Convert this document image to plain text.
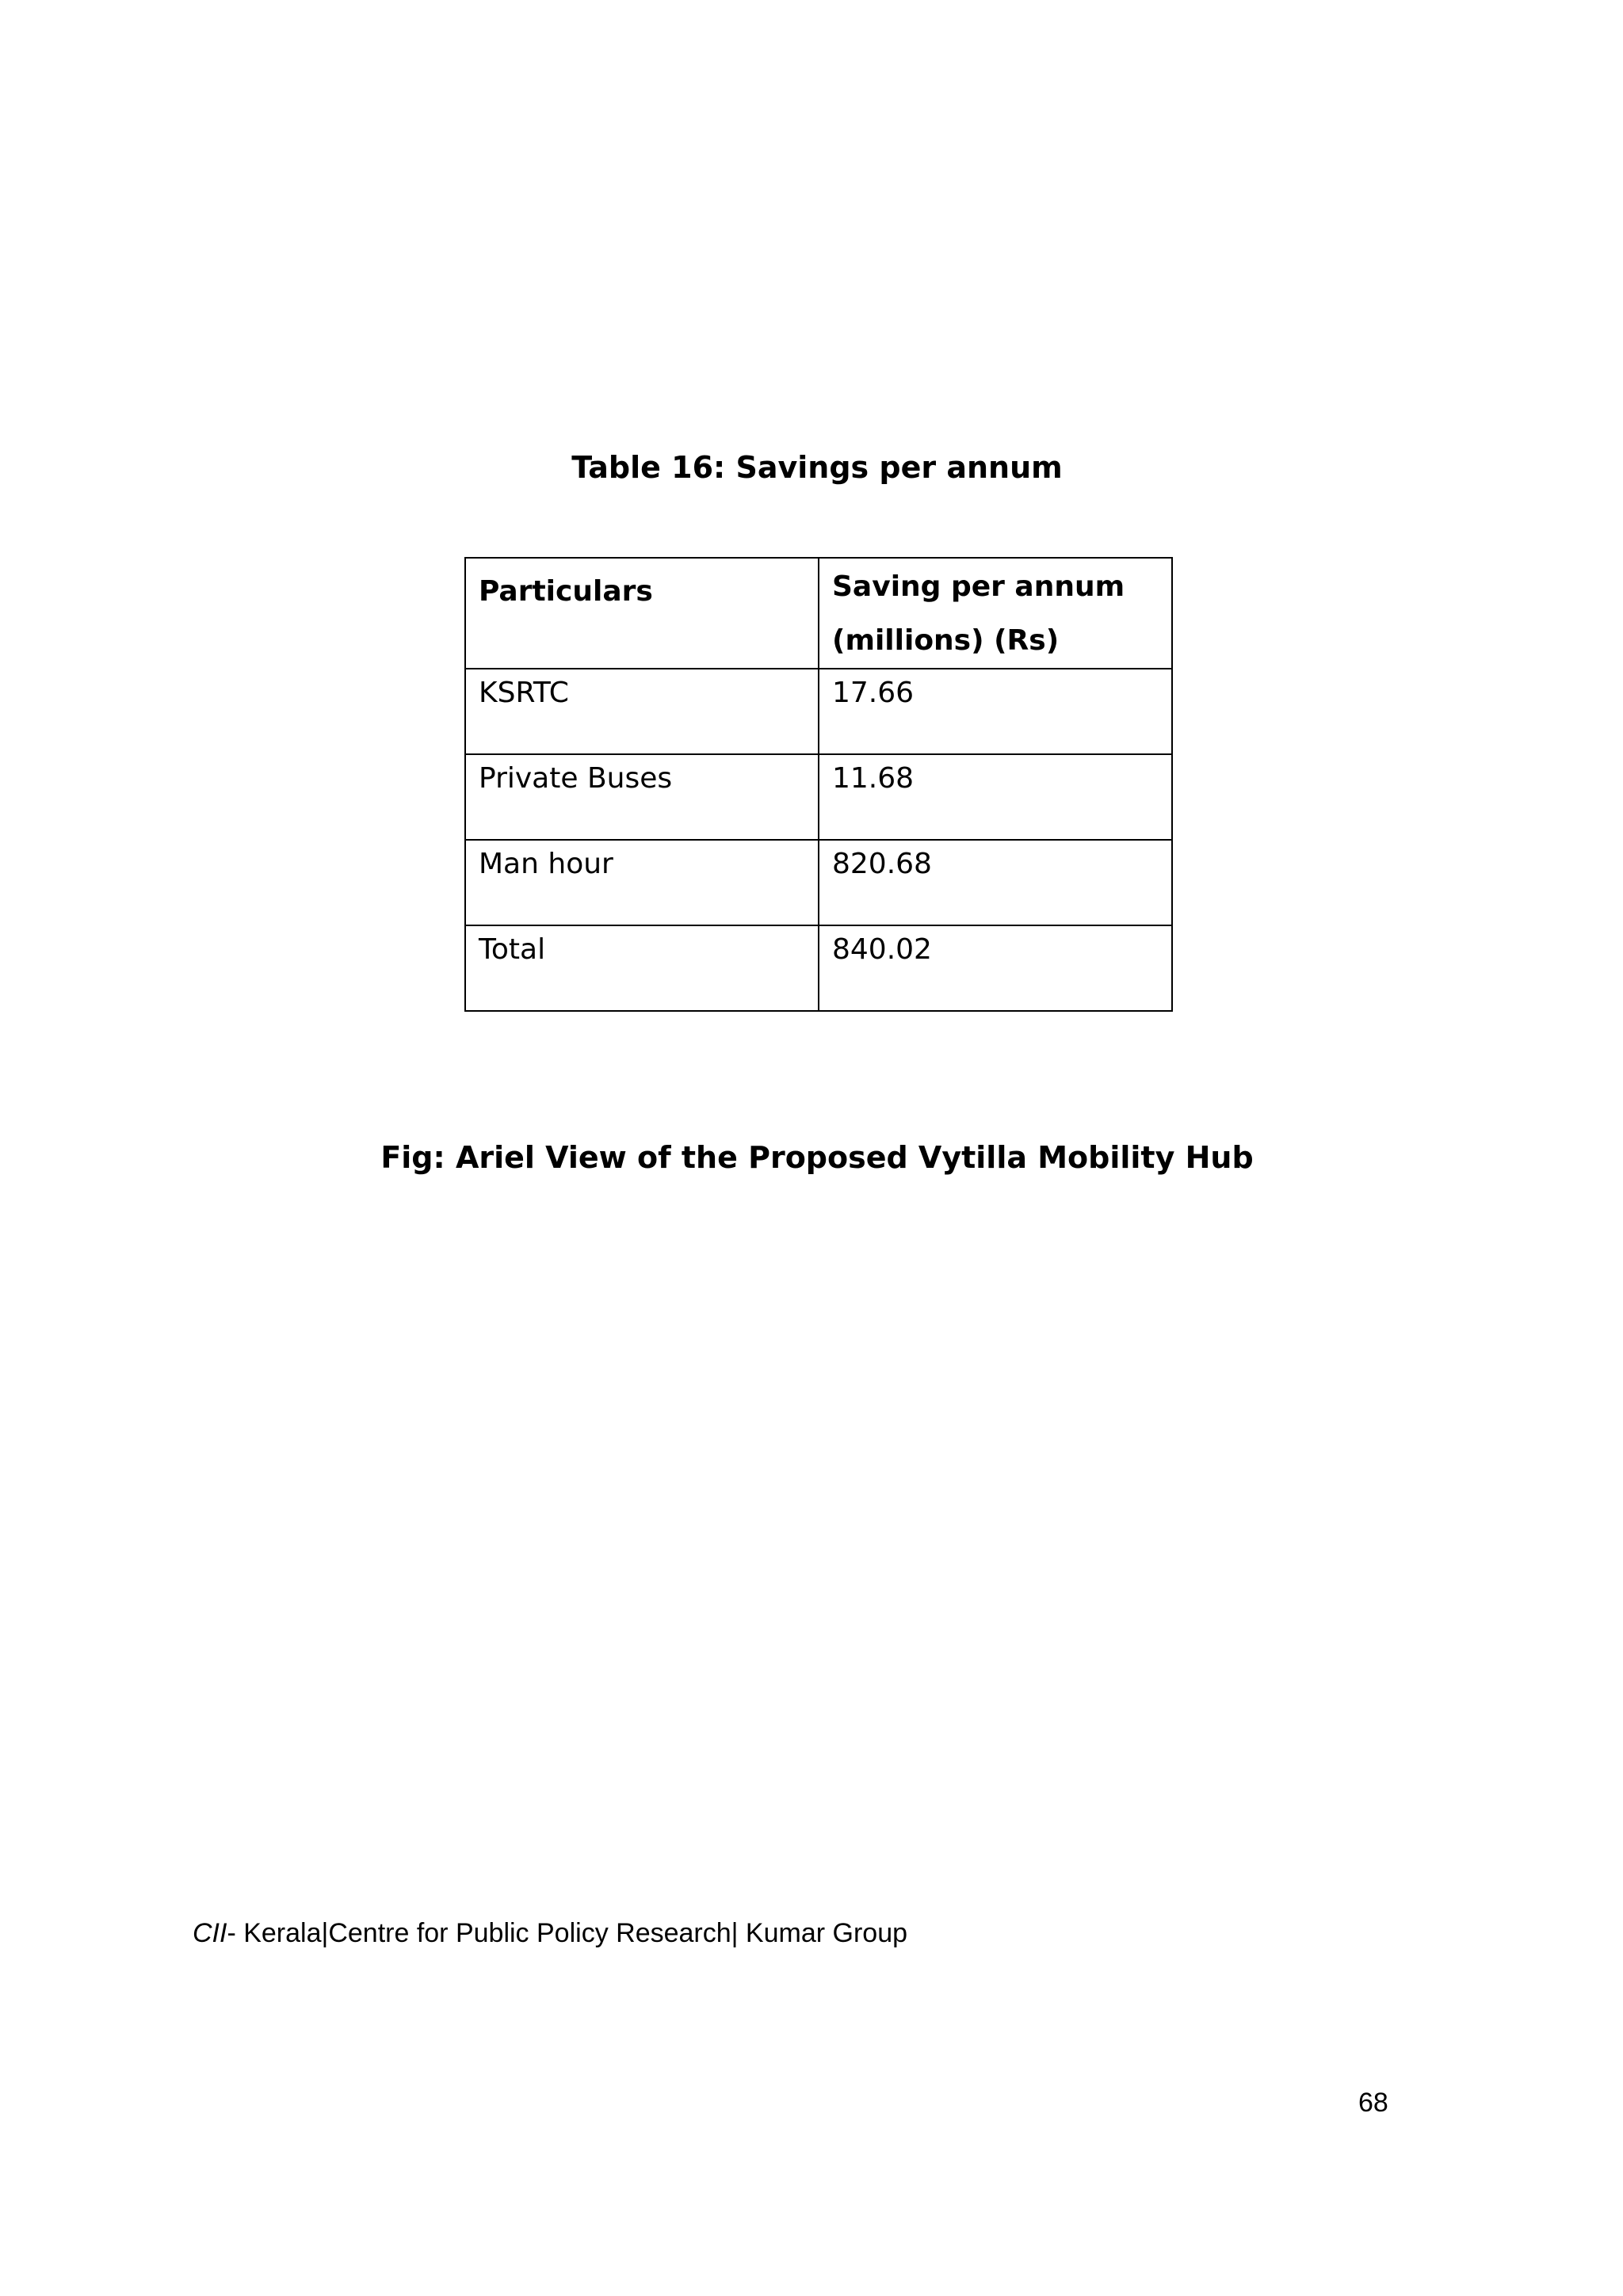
Table 16: Savings per annum
Particulars	Saving per annum
(millions) (Rs)
KSRTC	17.66
Private Buses	11.68
Man hour	820.68
Total	840.02
Fig: Ariel View of the Proposed Vytilla Mobility Hub
CII- Kerala|Centre for Public Policy Research| Kumar Group
68
